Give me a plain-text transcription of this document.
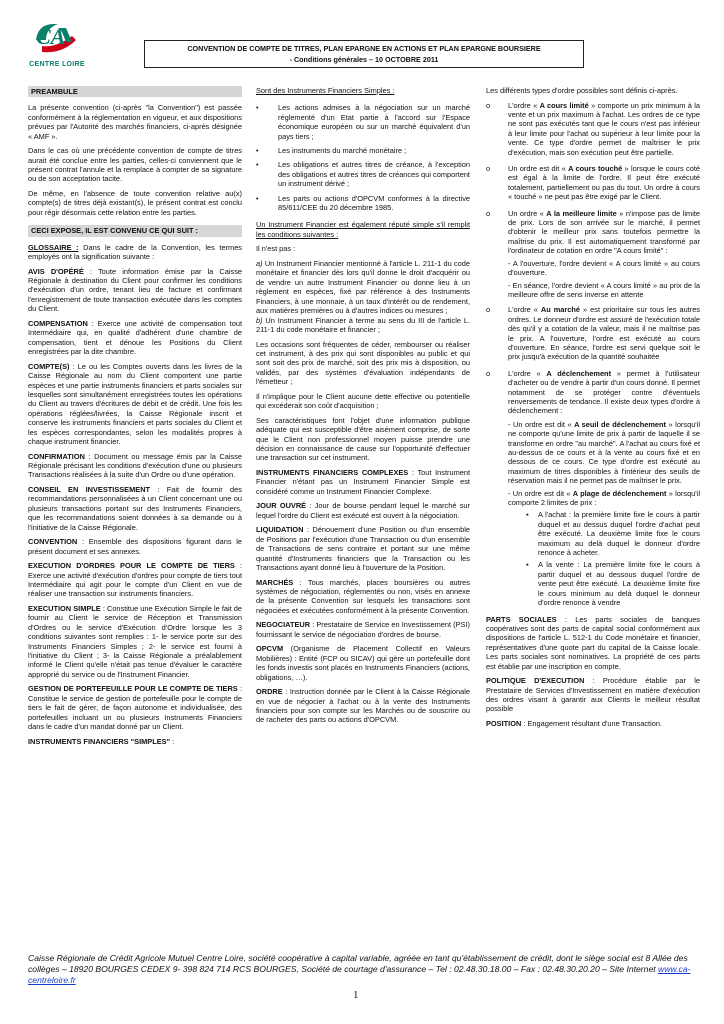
CA
CENTRE LOIRE
CONVENTION DE COMPTE DE TITRES, PLAN EPARGNE EN ACTIONS ET PLAN EPARGNE BOURSIERE
- Conditions générales – 10 OCTOBRE 2011
PREAMBULE

La présente convention (ci-après "la Convention") est passée conformément à la réglementation en vigueur, et aux dispositions prévues par l'Autorité des marchés financiers, ci-après désignée « AMF ».

Dans le cas où une précédente convention de compte de titres aurait été conclue entre les parties, celles-ci conviennent que le présent contrat l'annule et la remplace à compter de sa signature ou de son acceptation tacite.

De même, en l'absence de toute convention relative au(x) compte(s) de titres déjà existant(s), le présent contrat est conclu pour régir désormais cette relation entre les parties.

CECI EXPOSE, IL EST CONVENU CE QUI SUIT :

GLOSSAIRE : Dans le cadre de la Convention, les termes employés ont la signification suivante :

AVIS D'OPÉRÉ : Toute information émise par la Caisse Régionale à destination du Client pour confirmer les conditions d'exécution d'un ordre, tenant lieu de facture et confirmant l'enregistrement de toute transaction exécutée dans les comptes du Client.

COMPENSATION : Exerce une activité de compensation tout Intermédiaire qui, en qualité d'adhérent d'une chambre de compensation, tient et dénoue les Positions du Client enregistrées par la dite chambre.

COMPTE(S) : Le ou les Comptes ouverts dans les livres de la Caisse Régionale au nom du Client comportent une partie espèces et une partie instruments financiers et parts sociales sur lesquelles sont simultanément enregistrées toutes les opérations du Client au travers d'écritures de débit et de crédit. Une fois les opérations réglées/livrées, la Caisse Régionale inscrit et conserve les instruments financiers et parts sociales du Client et les espèces correspondantes, selon les modalités propres à chaque instrument financier.

CONFIRMATION : Document ou message émis par la Caisse Régionale précisant les conditions d'exécution d'une ou plusieurs Transactions réalisées à la suite d'un Ordre ou d'une opération.

CONSEIL EN INVESTISSEMENT : Fait de fournir des recommandations personnalisées à un Client concernant une ou plusieurs transactions portant sur des Instruments Financiers, que les recommandations soient données à sa demande ou à l'initiative de la Caisse Régionale.

CONVENTION : Ensemble des dispositions figurant dans le présent document et ses annexes.

EXECUTION D'ORDRES POUR LE COMPTE DE TIERS : Exerce une activité d'exécution d'ordres pour compte de tiers tout Intermédiaire qui agit pour le compte d'un Client en vue de réaliser une transaction sur instruments financiers.

EXECUTION SIMPLE : Constitue une Exécution Simple le fait de fournir au Client le service de Réception et Transmission d'Ordres ou le service d'Exécution d'Ordre lorsque les 3 conditions suivantes sont remplies : 1- le service porte sur des Instruments Financiers Simples ; 2- le service est fourni à l'initiative du Client ; 3- la Caisse Régionale a préalablement informé le Client qu'elle n'était pas tenue d'évaluer le caractère approprié du service ou de l'Instrument Financier.

GESTION DE PORTEFEUILLE POUR LE COMPTE DE TIERS : Constitue le service de gestion de portefeuille pour le compte de tiers le fait de gérer, de façon autonome et individualisée, des portefeuilles incluant un ou plusieurs Instruments Financiers dans le cadre d'un mandat donné par un Client.

INSTRUMENTS FINANCIERS "SIMPLES" :

Sont des Instruments Financiers Simples :

•	Les actions admises à la négociation sur un marché réglementé d'un Etat partie à l'accord sur l'Espace économique européen ou sur un marché équivalent d'un pays tiers ;
•	Les instruments du marché monétaire ;
•	Les obligations et autres titres de créance, à l'exception des obligations et autres titres de créances qui comportent un instrument dérivé ;
•	Les parts ou actions d'OPCVM conformes à la directive 85/611/CEE du 20 décembre 1985.

Un Instrument Financier est également réputé simple s'il remplit les conditions suivantes :

Il n'est pas :

a) Un Instrument Financier mentionné à l'article L. 211-1 du code monétaire et financier dès lors qu'il donne le droit d'acquérir ou de vendre un autre Instrument Financier ou donne lieu à un règlement en espèces, fixé par référence à des Instruments Financiers, à une monnaie, à un taux d'intérêt ou de rendement, aux matières premières ou à d'autres indices ou mesures ;

b) Un Instrument Financier à terme au sens du III de l'article L. 211-1 du code monétaire et financier ;

Les occasions sont fréquentes de céder, rembourser ou réaliser cet instrument, à des prix qui sont disponibles au public et qui sont soit des prix de marché, soit des prix mis à disposition, ou validés, par des systèmes d'évaluation indépendants de l'émetteur ;

Il n'implique pour le Client aucune dette effective ou potentielle qui excéderait son coût d'acquisition ;

Ses caractéristiques font l'objet d'une information publique adéquate qui est susceptible d'être aisément comprise, de sorte que le Client non professionnel moyen puisse prendre une décision en connaissance de cause sur l'opportunité d'effectuer une transaction sur cet instrument.

INSTRUMENTS FINANCIERS COMPLEXES : Tout Instrument Financier n'étant pas un Instrument Financier Simple est considéré comme un Instrument Financier Complexe.

JOUR OUVRÉ : Jour de bourse pendant lequel le marché sur lequel l'ordre du Client est exécuté est ouvert à la négociation.

LIQUIDATION : Dénouement d'une Position ou d'un ensemble de Positions par l'exécution d'une Transaction ou d'un ensemble de Transactions de sens contraire et portant sur une même quantité d'Instruments financiers que la Transaction ou les Transactions ayant donné lieu à l'ouverture de la Position.

MARCHÉS : Tous marchés, places boursières ou autres systèmes de négociation, réglementés ou non, visés en annexe de la présente Convention sur lesquels les transactions sont négociées et exécutées conformément à la présente Convention.

NEGOCIATEUR : Prestataire de Service en Investissement (PSI) fournissant le service de négociation d'ordres de bourse.

OPCVM (Organisme de Placement Collectif en Valeurs Mobilières) : Entité (FCP ou SICAV) qui gère un portefeuille dont les fonds investis sont placés en Instruments Financiers (actions, obligations, …).

ORDRE : Instruction donnée par le Client à la Caisse Régionale en vue de négocier à l'achat ou à la vente des Instruments financiers pour son compte sur les Marchés ou de souscrire ou de racheter des parts ou actions d'OPCVM.

Les différents types d'ordre possibles sont définis ci-après.

o	L'ordre « A cours limité » comporte un prix minimum à la vente et un prix maximum à l'achat. Les ordres de ce type ne sont pas exécutés tant que le cours n'est pas inférieur à leur limite pour l'achat ou supérieur à leur limite pour la vente. Ce type d'ordre permet de maîtriser le prix d'exécution, mais son exécution peut être partielle.
o	Un ordre est dit « A cours touché » lorsque le cours coté est égal à la limite de l'ordre. Il peut être exécuté totalement, partiellement ou pas du tout. Un ordre à cours « touché » ne peut pas être exigé par le Client.
o	Un ordre « A la meilleure limite » n'impose pas de limite de prix. Lors de son arrivée sur le marché, il permet d'obtenir le meilleur prix sans toutefois permettre la maîtrise du prix. Il est automatiquement transformé par l'ordinateur de cotation en ordre "A cours limité" :

- A l'ouverture, l'ordre devient « A cours limité » au cours d'ouverture.

- En séance, l'ordre devient « A cours limité » au prix de la meilleure offre de sens inverse en attente

o	L'ordre « Au marché » est prioritaire sur tous les autres ordres. Le donneur d'ordre est assuré de l'exécution totale dès qu'il y a cotation de la valeur, mais il ne maîtrise pas le prix. A l'ouverture, l'ordre est exécuté au cours d'ouverture. En séance, l'ordre est servi quelque soit le prix jusqu'à exécution de la quantité souhaitée
o	L'ordre « A déclenchement » permet à l'utilisateur d'acheter ou de vendre à partir d'un cours donné. Il permet notamment de se protéger contre d'éventuels renversements de tendance. Il existe deux types d'ordre à déclenchement :

- Un ordre est dit « A seuil de déclenchement » lorsqu'il ne comporte qu'une limite de prix à partir de laquelle il se transforme en ordre "au marché". A l'achat au cours fixé et au-dessus de ce cours et à la vente au cours fixé et en dessous de ce cours. Ce type d'ordre est exécuté au maximum de titres disponibles à l'intérieur des seuils de réservation mais il ne permet pas de maîtriser le prix.

- Un ordre est dit « A plage de déclenchement » lorsqu'il comporte 2 limites de prix :

▪	A l'achat : la première limite fixe le cours à partir duquel et au dessus duquel l'ordre d'achat peut être exécuté. La deuxième limite fixe le cours maximum au delà duquel le donneur d'ordre renonce à acheter.
▪	A la vente : La première limite fixe le cours à partir duquel et au dessous duquel l'ordre de vente peut être exécuté. La deuxième limite fixe le cours minimum au delà duquel le donneur d'ordre renonce à vendre

PARTS SOCIALES : Les parts sociales de banques coopératives sont des parts de capital social conformément aux dispositions de l'article L. 512-1 du Code monétaire et financier, représentatives d'une quote part du capital de la Caisse locale. Les parts sociales sont nominatives. La propriété de ces parts est établie par une inscription en compte.

POLITIQUE D'EXECUTION : Procédure établie par le Prestataire de Services d'Investissement en matière d'exécution des ordres visant à garantir aux Clients le meilleur résultat possible

POSITION : Engagement résultant d'une Transaction.

Caisse Régionale de Crédit Agricole Mutuel Centre Loire, société coopérative à capital variable, agréée en tant qu'établissement de crédit, dont le siège social est 8 Allée des collèges – 18920 BOURGES CEDEX 9- 398 824 714 RCS BOURGES, Société de courtage d'assurance – Tel : 02.48.30.18.00 – Fax : 02.48.30.20.20 – Site Internet www.ca-centreloire.fr
1
